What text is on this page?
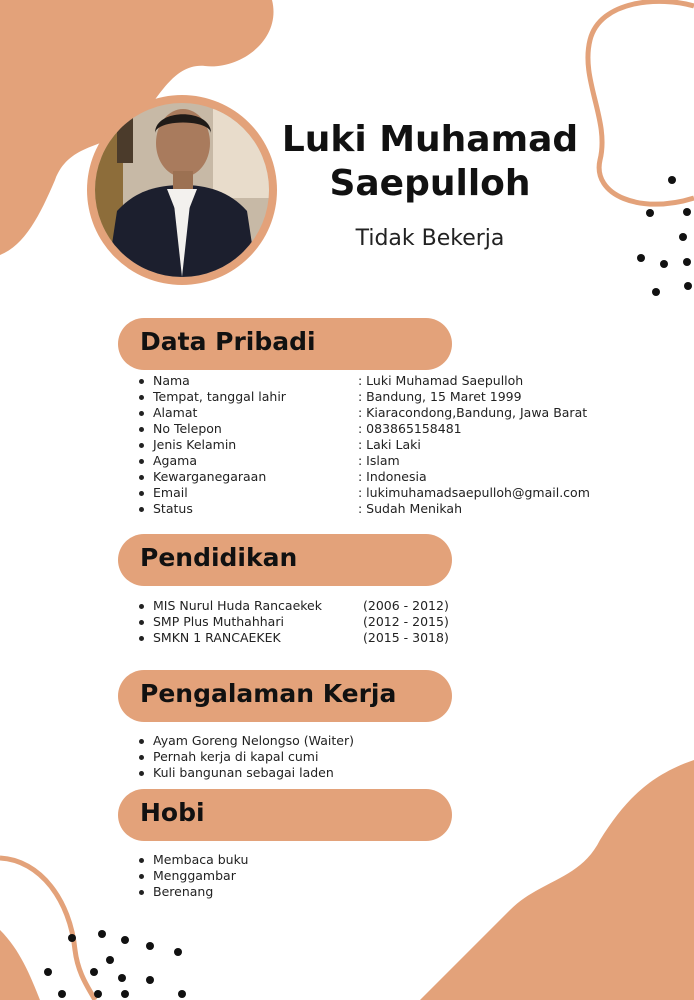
Luki Muhamad
Saepulloh
Tidak Bekerja
Data Pribadi
Nama	: Luki Muhamad Saepulloh
Tempat, tanggal lahir	: Bandung, 15 Maret 1999
Alamat	: Kiaracondong,Bandung, Jawa Barat
No Telepon	: 083865158481
Jenis Kelamin	: Laki Laki
Agama	: Islam
Kewarganegaraan	: Indonesia
Email	: lukimuhamadsaepulloh@gmail.com
Status	: Sudah Menikah
Pendidikan
MIS Nurul Huda Rancaekek	(2006 - 2012)
SMP Plus Muthahhari	(2012 - 2015)
SMKN 1 RANCAEKEK	(2015 - 3018)
Pengalaman Kerja
Ayam Goreng Nelongso (Waiter)
Pernah kerja di kapal cumi
Kuli bangunan sebagai laden
Hobi
Membaca buku
Menggambar
Berenang
